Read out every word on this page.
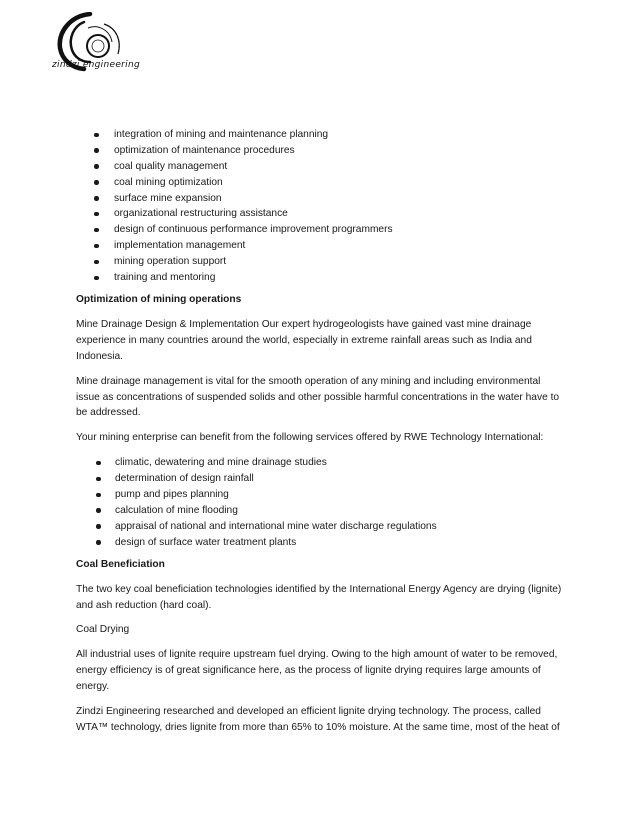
zindzi engineering
integration of mining and maintenance planning
optimization of maintenance procedures
coal quality management
coal mining optimization
surface mine expansion
organizational restructuring assistance
design of continuous performance improvement programmers
implementation management
mining operation support
training and mentoring
Optimization of mining operations

Mine Drainage Design & Implementation Our expert hydrogeologists have gained vast mine drainage experience in many countries around the world, especially in extreme rainfall areas such as India and Indonesia.

Mine drainage management is vital for the smooth operation of any mining and including environmental issue as concentrations of suspended solids and other possible harmful concentrations in the water have to be addressed.

Your mining enterprise can benefit from the following services offered by RWE Technology International:

climatic, dewatering and mine drainage studies
determination of design rainfall
pump and pipes planning
calculation of mine flooding
appraisal of national and international mine water discharge regulations
design of surface water treatment plants
Coal Beneficiation

The two key coal beneficiation technologies identified by the International Energy Agency are drying (lignite) and ash reduction (hard coal).

Coal Drying

All industrial uses of lignite require upstream fuel drying. Owing to the high amount of water to be removed, energy efficiency is of great significance here, as the process of lignite drying requires large amounts of energy.

Zindzi Engineering researched and developed an efficient lignite drying technology. The process, called WTA™ technology, dries lignite from more than 65% to 10% moisture. At the same time, most of the heat of
